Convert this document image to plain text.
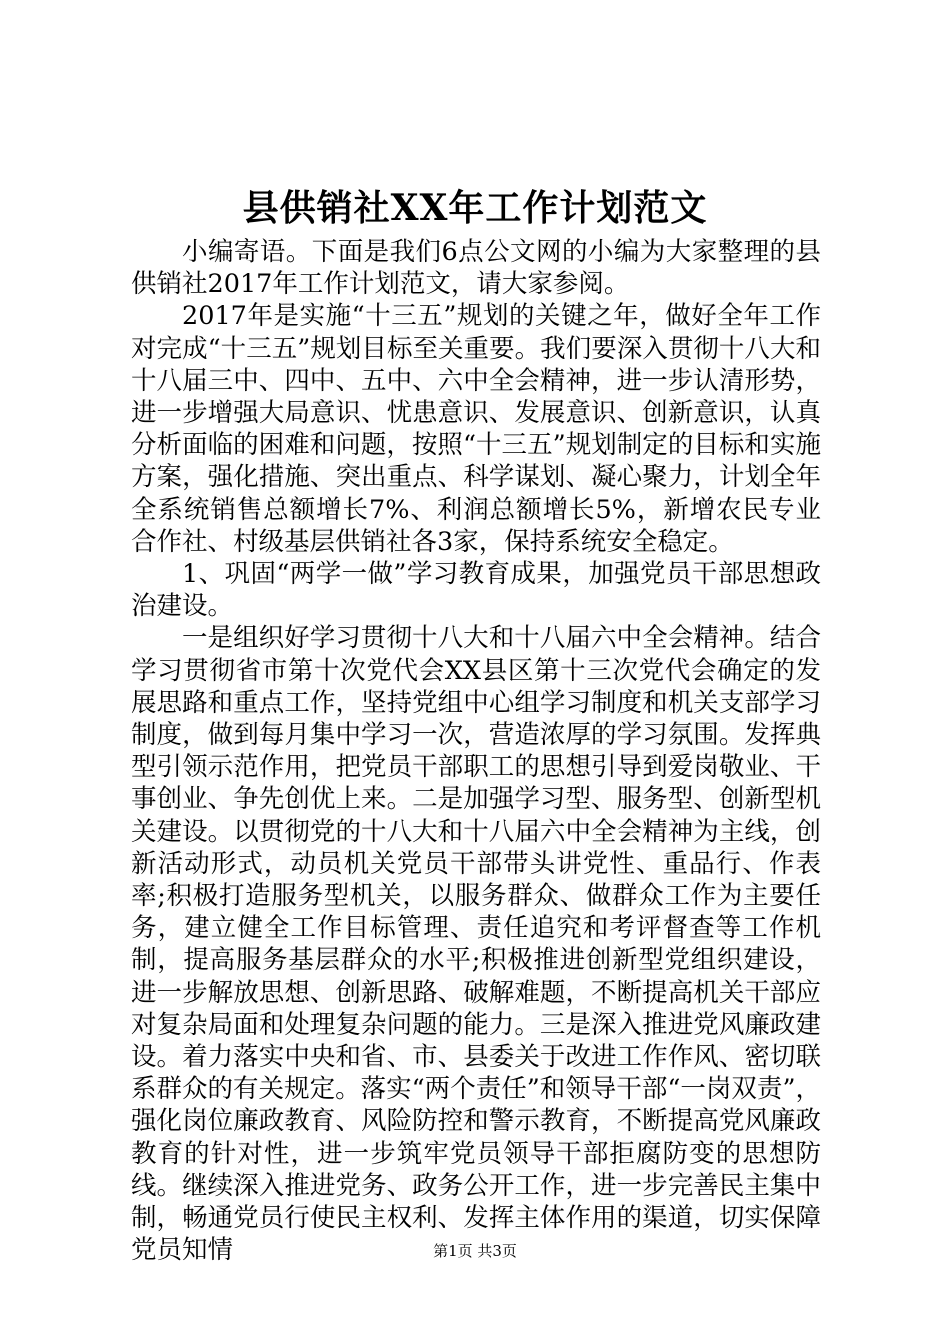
县供销社XX年工作计划范文

小编寄语。下面是我们6点公文网的小编为大家整理的县供销社2017年工作计划范文，请大家参阅。

2017年是实施“十三五”规划的关键之年，做好全年工作对完成“十三五”规划目标至关重要。我们要深入贯彻十八大和十八届三中、四中、五中、六中全会精神，进一步认清形势，进一步增强大局意识、忧患意识、发展意识、创新意识，认真分析面临的困难和问题，按照“十三五”规划制定的目标和实施方案，强化措施、突出重点、科学谋划、凝心聚力，计划全年全系统销售总额增长7%、利润总额增长5%，新增农民专业合作社、村级基层供销社各3家，保持系统安全稳定。

1、巩固“两学一做”学习教育成果，加强党员干部思想政治建设。

一是组织好学习贯彻十八大和十八届六中全会精神。结合学习贯彻省市第十次党代会XX县区第十三次党代会确定的发展思路和重点工作，坚持党组中心组学习制度和机关支部学习制度，做到每月集中学习一次，营造浓厚的学习氛围。发挥典型引领示范作用，把党员干部职工的思想引导到爱岗敬业、干事创业、争先创优上来。二是加强学习型、服务型、创新型机关建设。以贯彻党的十八大和十八届六中全会精神为主线，创新活动形式，动员机关党员干部带头讲党性、重品行、作表率;积极打造服务型机关，以服务群众、做群众工作为主要任务，建立健全工作目标管理、责任追究和考评督查等工作机制，提高服务基层群众的水平;积极推进创新型党组织建设，进一步解放思想、创新思路、破解难题，不断提高机关干部应对复杂局面和处理复杂问题的能力。三是深入推进党风廉政建设。着力落实中央和省、市、县委关于改进工作作风、密切联系群众的有关规定。落实“两个责任”和领导干部“一岗双责”，强化岗位廉政教育、风险防控和警示教育，不断提高党风廉政教育的针对性，进一步筑牢党员领导干部拒腐防变的思想防线。继续深入推进党务、政务公开工作，进一步完善民主集中制，畅通党员行使民主权利、发挥主体作用的渠道，切实保障党员知情	第1页 共3页
